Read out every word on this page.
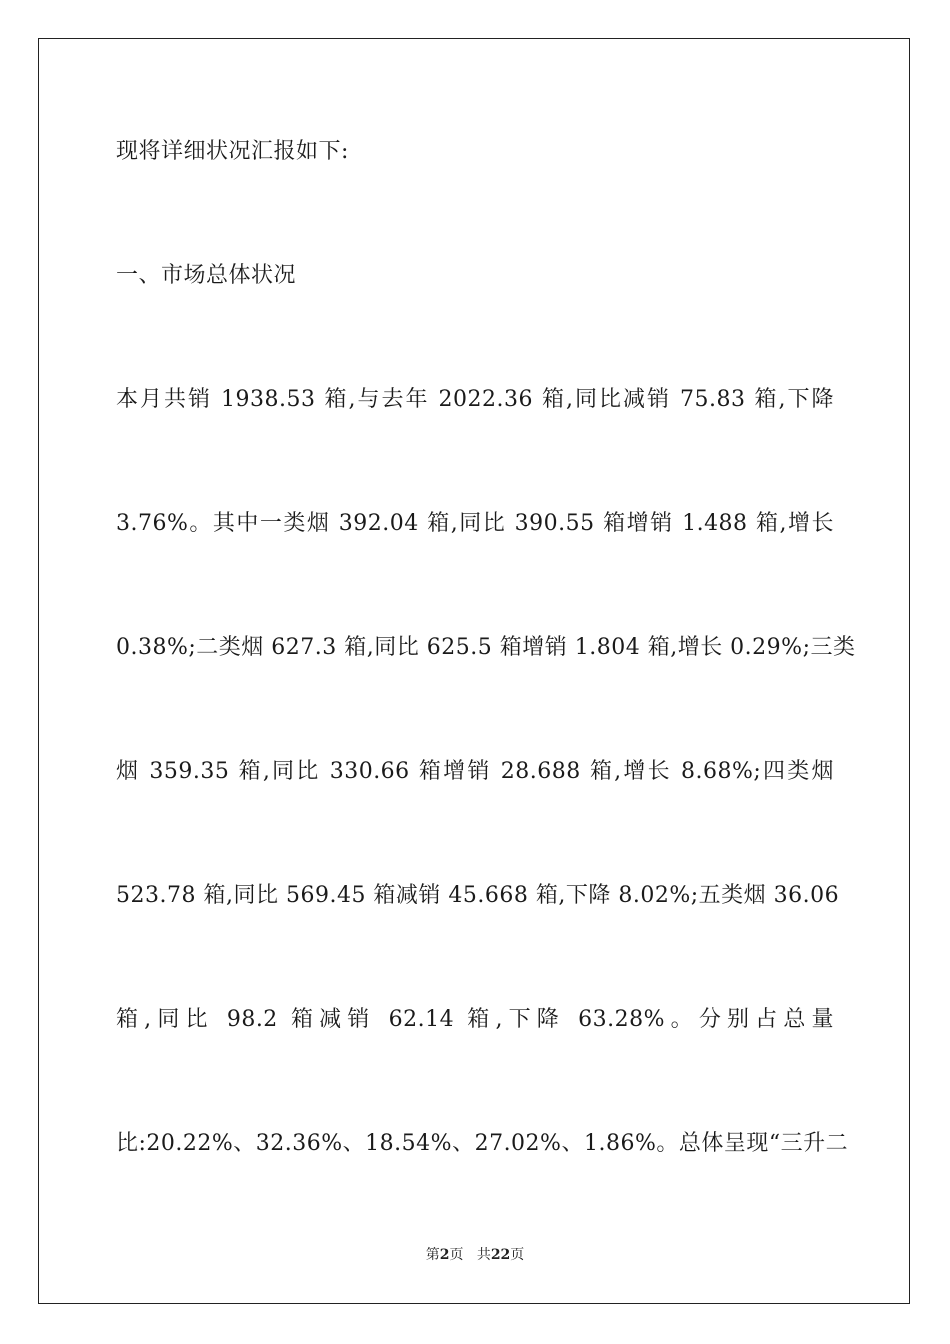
现将详细状况汇报如下:
一、市场总体状况
本月共销 1938.53 箱,与去年 2022.36 箱,同比减销 75.83 箱,下降
3.76%。其中一类烟 392.04 箱,同比 390.55 箱增销 1.488 箱,增长
0.38%;二类烟 627.3 箱,同比 625.5 箱增销 1.804 箱,增长 0.29%;三类
烟 359.35 箱,同比 330.66 箱增销 28.688 箱,增长 8.68%;四类烟
523.78 箱,同比 569.45 箱减销 45.668 箱,下降 8.02%;五类烟 36.06
箱,同比 98.2 箱减销 62.14 箱,下降 63.28%。分别占总量
比:20.22%、32.36%、18.54%、27.02%、1.86%。总体呈现“三升二
第2页 共22页
